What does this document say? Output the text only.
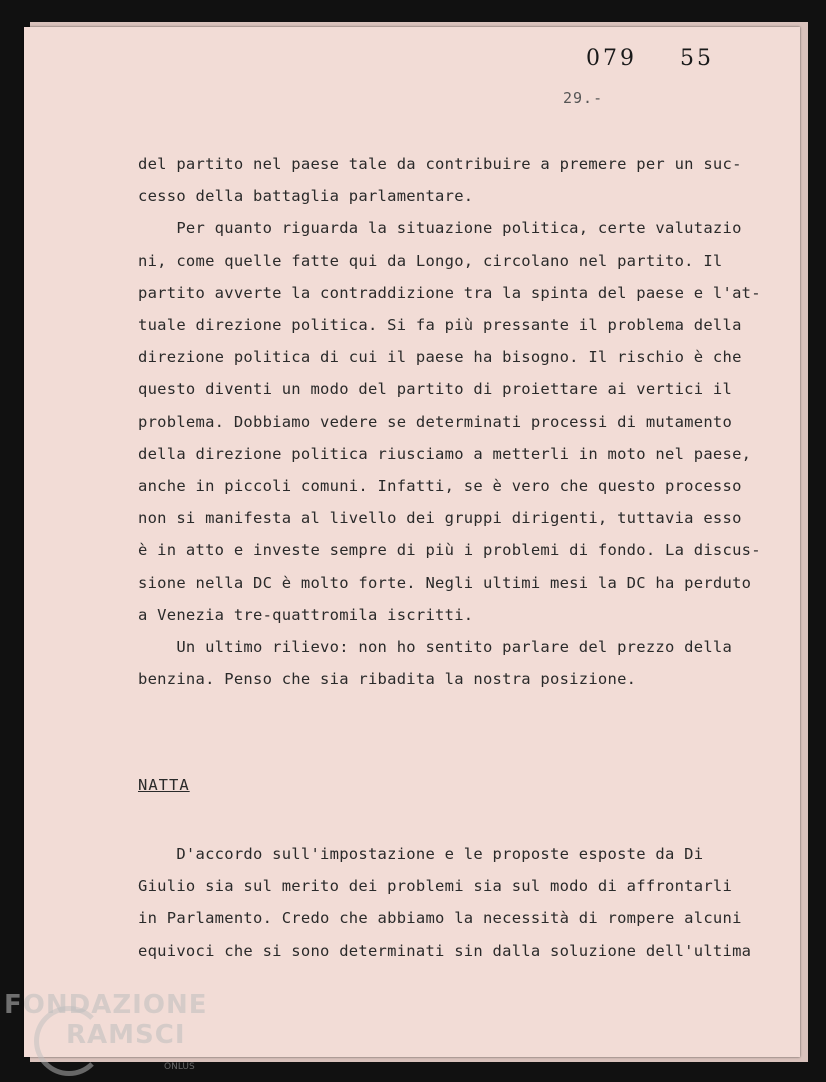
079 55
29.-
del partito nel paese tale da contribuire a premere per un suc-
cesso della battaglia parlamentare.
Per quanto riguarda la situazione politica, certe valutazio
ni, come quelle fatte qui da Longo, circolano nel partito. Il
partito avverte la contraddizione tra la spinta del paese e l'at-
tuale direzione politica. Si fa più pressante il problema della
direzione politica di cui il paese ha bisogno. Il rischio è che
questo diventi un modo del partito di proiettare ai vertici il
problema. Dobbiamo vedere se determinati processi di mutamento
della direzione politica riusciamo a metterli in moto nel paese,
anche in piccoli comuni. Infatti, se è vero che questo processo
non si manifesta al livello dei gruppi dirigenti, tuttavia esso
è in atto e investe sempre di più i problemi di fondo. La discus-
sione nella DC è molto forte. Negli ultimi mesi la DC ha perduto
a Venezia tre-quattromila iscritti.
Un ultimo rilievo: non ho sentito parlare del prezzo della
benzina. Penso che sia ribadita la nostra posizione.
NATTA
D'accordo sull'impostazione e le proposte esposte da Di
Giulio sia sul merito dei problemi sia sul modo di affrontarli
in Parlamento. Credo che abbiamo la necessità di rompere alcuni
equivoci che si sono determinati sin dalla soluzione dell'ultima
FONDAZIONE
RAMSCI
ONLUS
